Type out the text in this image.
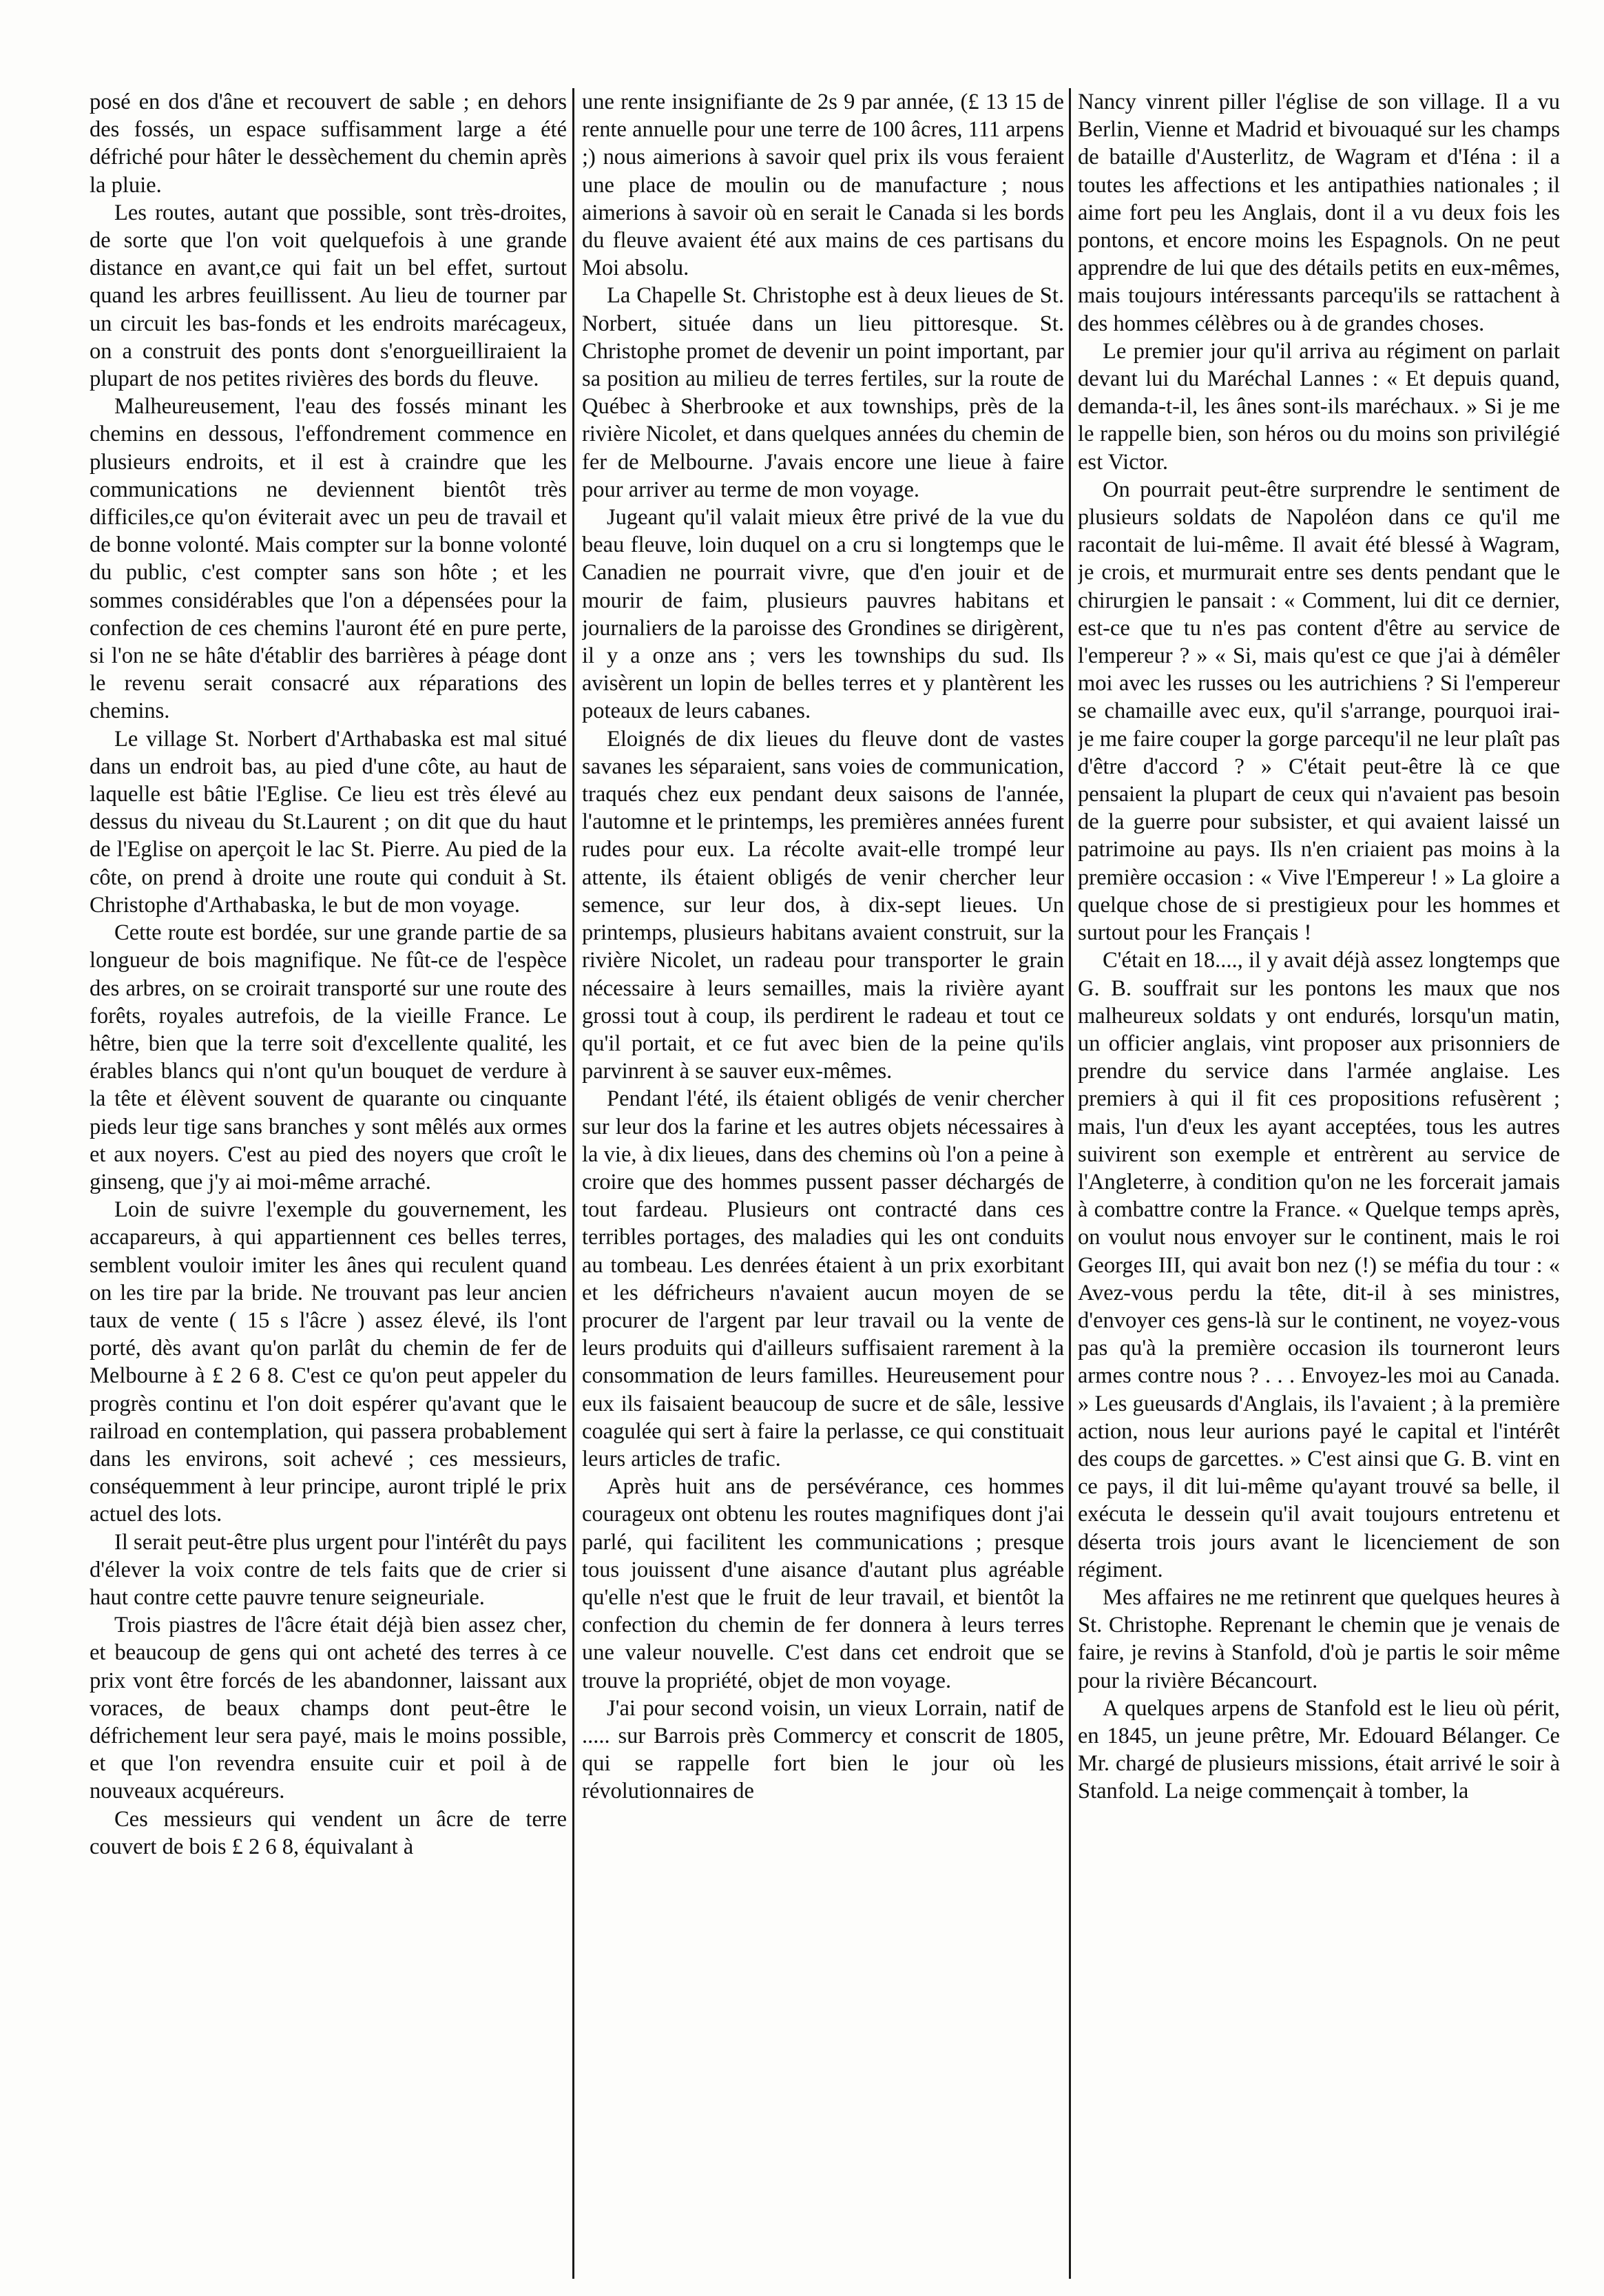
posé en dos d'âne et recouvert de sable ; en dehors des fossés, un espace suffisamment large a été défriché pour hâter le dessèchement du chemin après la pluie.

Les routes, autant que possible, sont très-droites, de sorte que l'on voit quelquefois à une grande distance en avant,ce qui fait un bel effet, surtout quand les arbres feuillissent. Au lieu de tourner par un circuit les bas-fonds et les endroits marécageux, on a construit des ponts dont s'enorgueilliraient la plupart de nos petites rivières des bords du fleuve.

Malheureusement, l'eau des fossés minant les chemins en dessous, l'effondrement commence en plusieurs endroits, et il est à craindre que les communications ne deviennent bientôt très difficiles,ce qu'on éviterait avec un peu de travail et de bonne volonté. Mais compter sur la bonne volonté du public, c'est compter sans son hôte ; et les sommes considérables que l'on a dépensées pour la confection de ces chemins l'auront été en pure perte, si l'on ne se hâte d'établir des barrières à péage dont le revenu serait consacré aux réparations des chemins.

Le village St. Norbert d'Arthabaska est mal situé dans un endroit bas, au pied d'une côte, au haut de laquelle est bâtie l'Eglise. Ce lieu est très élevé au dessus du niveau du St.Laurent ; on dit que du haut de l'Eglise on aperçoit le lac St. Pierre. Au pied de la côte, on prend à droite une route qui conduit à St. Christophe d'Arthabaska, le but de mon voyage.

Cette route est bordée, sur une grande partie de sa longueur de bois magnifique. Ne fût-ce de l'espèce des arbres, on se croirait transporté sur une route des forêts, royales autrefois, de la vieille France. Le hêtre, bien que la terre soit d'excellente qualité, les érables blancs qui n'ont qu'un bouquet de verdure à la tête et élèvent souvent de quarante ou cinquante pieds leur tige sans branches y sont mêlés aux ormes et aux noyers. C'est au pied des noyers que croît le ginseng, que j'y ai moi-même arraché.

Loin de suivre l'exemple du gouvernement, les accapareurs, à qui appartiennent ces belles terres, semblent vouloir imiter les ânes qui reculent quand on les tire par la bride. Ne trouvant pas leur ancien taux de vente ( 15 s l'âcre ) assez élevé, ils l'ont porté, dès avant qu'on parlât du chemin de fer de Melbourne à £ 2 6 8. C'est ce qu'on peut appeler du progrès continu et l'on doit espérer qu'avant que le railroad en contemplation, qui passera probablement dans les environs, soit achevé ; ces messieurs, conséquemment à leur principe, auront triplé le prix actuel des lots.

Il serait peut-être plus urgent pour l'intérêt du pays d'élever la voix contre de tels faits que de crier si haut contre cette pauvre tenure seigneuriale.

Trois piastres de l'âcre était déjà bien assez cher, et beaucoup de gens qui ont acheté des terres à ce prix vont être forcés de les abandonner, laissant aux voraces, de beaux champs dont peut-être le défrichement leur sera payé, mais le moins possible, et que l'on revendra ensuite cuir et poil à de nouveaux acquéreurs.

Ces messieurs qui vendent un âcre de terre couvert de bois £ 2 6 8, équivalant à

une rente insignifiante de 2s 9 par année, (£ 13 15 de rente annuelle pour une terre de 100 âcres, 111 arpens ;) nous aimerions à savoir quel prix ils vous feraient une place de moulin ou de manufacture ; nous aimerions à savoir où en serait le Canada si les bords du fleuve avaient été aux mains de ces partisans du Moi absolu.

La Chapelle St. Christophe est à deux lieues de St. Norbert, située dans un lieu pittoresque. St. Christophe promet de devenir un point important, par sa position au milieu de terres fertiles, sur la route de Québec à Sherbrooke et aux townships, près de la rivière Nicolet, et dans quelques années du chemin de fer de Melbourne. J'avais encore une lieue à faire pour arriver au terme de mon voyage.

Jugeant qu'il valait mieux être privé de la vue du beau fleuve, loin duquel on a cru si longtemps que le Canadien ne pourrait vivre, que d'en jouir et de mourir de faim, plusieurs pauvres habitans et journaliers de la paroisse des Grondines se dirigèrent, il y a onze ans ; vers les townships du sud. Ils avisèrent un lopin de belles terres et y plantèrent les poteaux de leurs cabanes.

Eloignés de dix lieues du fleuve dont de vastes savanes les séparaient, sans voies de communication, traqués chez eux pendant deux saisons de l'année, l'automne et le printemps, les premières années furent rudes pour eux. La récolte avait-elle trompé leur attente, ils étaient obligés de venir chercher leur semence, sur leur dos, à dix-sept lieues. Un printemps, plusieurs habitans avaient construit, sur la rivière Nicolet, un radeau pour transporter le grain nécessaire à leurs semailles, mais la rivière ayant grossi tout à coup, ils perdirent le radeau et tout ce qu'il portait, et ce fut avec bien de la peine qu'ils parvinrent à se sauver eux-mêmes.

Pendant l'été, ils étaient obligés de venir chercher sur leur dos la farine et les autres objets nécessaires à la vie, à dix lieues, dans des chemins où l'on a peine à croire que des hommes pussent passer déchargés de tout fardeau. Plusieurs ont contracté dans ces terribles portages, des maladies qui les ont conduits au tombeau. Les denrées étaient à un prix exorbitant et les défricheurs n'avaient aucun moyen de se procurer de l'argent par leur travail ou la vente de leurs produits qui d'ailleurs suffisaient rarement à la consommation de leurs familles. Heureusement pour eux ils faisaient beaucoup de sucre et de sâle, lessive coagulée qui sert à faire la perlasse, ce qui constituait leurs articles de trafic.

Après huit ans de persévérance, ces hommes courageux ont obtenu les routes magnifiques dont j'ai parlé, qui facilitent les communications ; presque tous jouissent d'une aisance d'autant plus agréable qu'elle n'est que le fruit de leur travail, et bientôt la confection du chemin de fer donnera à leurs terres une valeur nouvelle. C'est dans cet endroit que se trouve la propriété, objet de mon voyage.

J'ai pour second voisin, un vieux Lorrain, natif de ..... sur Barrois près Commercy et conscrit de 1805, qui se rappelle fort bien le jour où les révolutionnaires de

Nancy vinrent piller l'église de son village. Il a vu Berlin, Vienne et Madrid et bivouaqué sur les champs de bataille d'Austerlitz, de Wagram et d'Iéna : il a toutes les affections et les antipathies nationales ; il aime fort peu les Anglais, dont il a vu deux fois les pontons, et encore moins les Espagnols. On ne peut apprendre de lui que des détails petits en eux-mêmes, mais toujours intéressants parcequ'ils se rattachent à des hommes célèbres ou à de grandes choses.

Le premier jour qu'il arriva au régiment on parlait devant lui du Maréchal Lannes : « Et depuis quand, demanda-t-il, les ânes sont-ils maréchaux. » Si je me le rappelle bien, son héros ou du moins son privilégié est Victor.

On pourrait peut-être surprendre le sentiment de plusieurs soldats de Napoléon dans ce qu'il me racontait de lui-même. Il avait été blessé à Wagram, je crois, et murmurait entre ses dents pendant que le chirurgien le pansait : « Comment, lui dit ce dernier, est-ce que tu n'es pas content d'être au service de l'empereur ? » « Si, mais qu'est ce que j'ai à démêler moi avec les russes ou les autrichiens ? Si l'empereur se chamaille avec eux, qu'il s'arrange, pourquoi irai-je me faire couper la gorge parcequ'il ne leur plaît pas d'être d'accord ? » C'était peut-être là ce que pensaient la plupart de ceux qui n'avaient pas besoin de la guerre pour subsister, et qui avaient laissé un patrimoine au pays. Ils n'en criaient pas moins à la première occasion : « Vive l'Empereur ! » La gloire a quelque chose de si prestigieux pour les hommes et surtout pour les Français !

C'était en 18...., il y avait déjà assez longtemps que G. B. souffrait sur les pontons les maux que nos malheureux soldats y ont endurés, lorsqu'un matin, un officier anglais, vint proposer aux prisonniers de prendre du service dans l'armée anglaise. Les premiers à qui il fit ces propositions refusèrent ; mais, l'un d'eux les ayant acceptées, tous les autres suivirent son exemple et entrèrent au service de l'Angleterre, à condition qu'on ne les forcerait jamais à combattre contre la France. « Quelque temps après, on voulut nous envoyer sur le continent, mais le roi Georges III, qui avait bon nez (!) se méfia du tour : « Avez-vous perdu la tête, dit-il à ses ministres, d'envoyer ces gens-là sur le continent, ne voyez-vous pas qu'à la première occasion ils tourneront leurs armes contre nous ? . . . Envoyez-les moi au Canada. » Les gueusards d'Anglais, ils l'avaient ; à la première action, nous leur aurions payé le capital et l'intérêt des coups de garcettes. » C'est ainsi que G. B. vint en ce pays, il dit lui-même qu'ayant trouvé sa belle, il exécuta le dessein qu'il avait toujours entretenu et déserta trois jours avant le licenciement de son régiment.

Mes affaires ne me retinrent que quelques heures à St. Christophe. Reprenant le chemin que je venais de faire, je revins à Stanfold, d'où je partis le soir même pour la rivière Bécancourt.

A quelques arpens de Stanfold est le lieu où périt, en 1845, un jeune prêtre, Mr. Edouard Bélanger. Ce Mr. chargé de plusieurs missions, était arrivé le soir à Stanfold. La neige commençait à tomber, la
